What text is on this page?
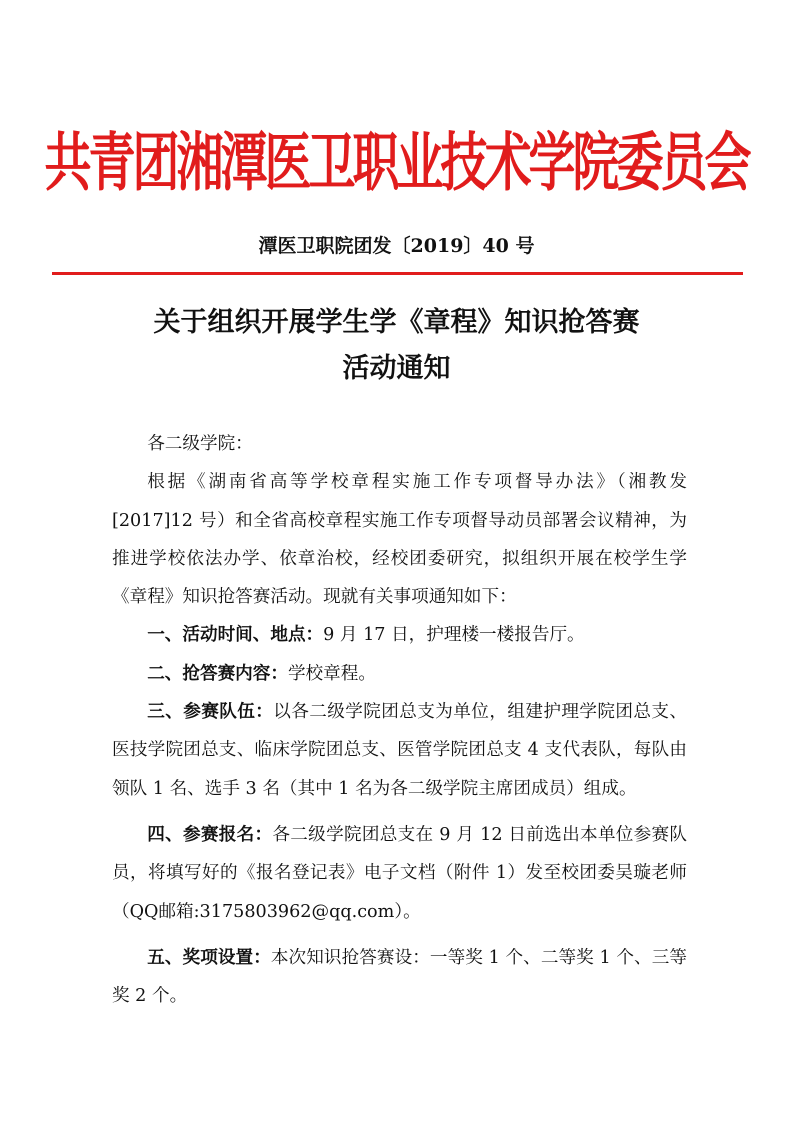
共青团湘潭医卫职业技术学院委员会
潭医卫职院团发〔2019〕40 号
关于组织开展学生学《章程》知识抢答赛
活动通知

各二级学院：

根据《湖南省高等学校章程实施工作专项督导办法》（湘教发[2017]12 号）和全省高校章程实施工作专项督导动员部署会议精神，为推进学校依法办学、依章治校，经校团委研究，拟组织开展在校学生学《章程》知识抢答赛活动。现就有关事项通知如下：

一、活动时间、地点：9 月 17 日，护理楼一楼报告厅。

二、抢答赛内容：学校章程。

三、参赛队伍：以各二级学院团总支为单位，组建护理学院团总支、医技学院团总支、临床学院团总支、医管学院团总支 4 支代表队，每队由领队 1 名、选手 3 名（其中 1 名为各二级学院主席团成员）组成。

四、参赛报名：各二级学院团总支在 9 月 12 日前选出本单位参赛队员，将填写好的《报名登记表》电子文档（附件 1）发至校团委吴璇老师（QQ邮箱:3175803962@qq.com）。

五、奖项设置：本次知识抢答赛设：一等奖 1 个、二等奖 1 个、三等奖 2 个。
